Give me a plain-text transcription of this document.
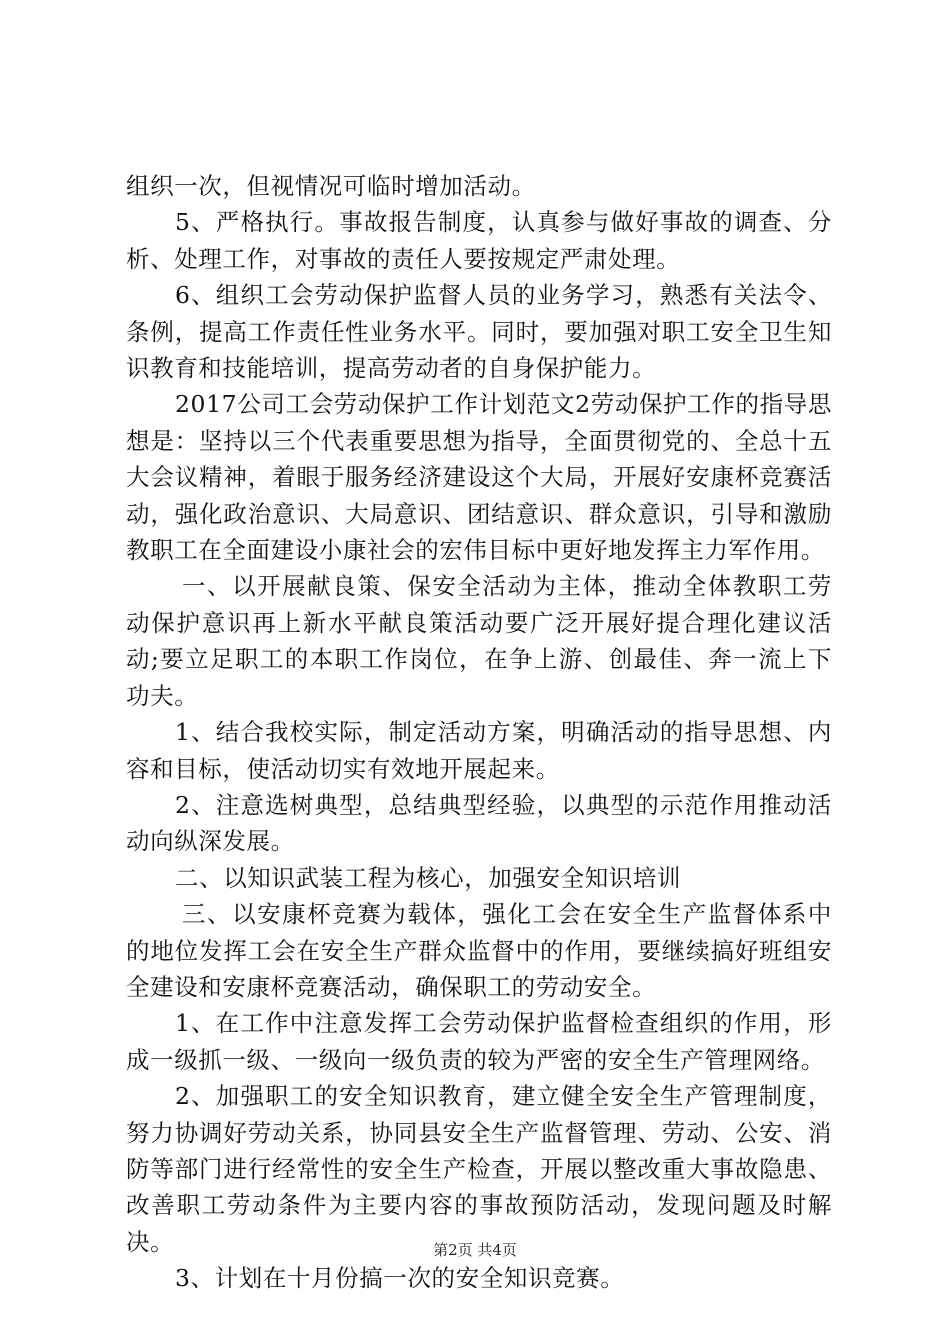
组织一次，但视情况可临时增加活动。

5、严格执行。事故报告制度，认真参与做好事故的调查、分析、处理工作，对事故的责任人要按规定严肃处理。

6、组织工会劳动保护监督人员的业务学习，熟悉有关法令、条例，提高工作责任性业务水平。同时，要加强对职工安全卫生知识教育和技能培训，提高劳动者的自身保护能力。

2017公司工会劳动保护工作计划范文2劳动保护工作的指导思想是：坚持以三个代表重要思想为指导，全面贯彻党的、全总十五大会议精神，着眼于服务经济建设这个大局，开展好安康杯竞赛活动，强化政治意识、大局意识、团结意识、群众意识，引导和激励教职工在全面建设小康社会的宏伟目标中更好地发挥主力军作用。

一、以开展献良策、保安全活动为主体，推动全体教职工劳动保护意识再上新水平献良策活动要广泛开展好提合理化建议活动;要立足职工的本职工作岗位，在争上游、创最佳、奔一流上下功夫。

1、结合我校实际，制定活动方案，明确活动的指导思想、内容和目标，使活动切实有效地开展起来。

2、注意选树典型，总结典型经验，以典型的示范作用推动活动向纵深发展。

二、以知识武装工程为核心，加强安全知识培训

三、以安康杯竞赛为载体，强化工会在安全生产监督体系中的地位发挥工会在安全生产群众监督中的作用，要继续搞好班组安全建设和安康杯竞赛活动，确保职工的劳动安全。

1、在工作中注意发挥工会劳动保护监督检查组织的作用，形成一级抓一级、一级向一级负责的较为严密的安全生产管理网络。

2、加强职工的安全知识教育，建立健全安全生产管理制度，努力协调好劳动关系，协同县安全生产监督管理、劳动、公安、消防等部门进行经常性的安全生产检查，开展以整改重大事故隐患、改善职工劳动条件为主要内容的事故预防活动，发现问题及时解决。

3、计划在十月份搞一次的安全知识竞赛。

第2页 共4页
